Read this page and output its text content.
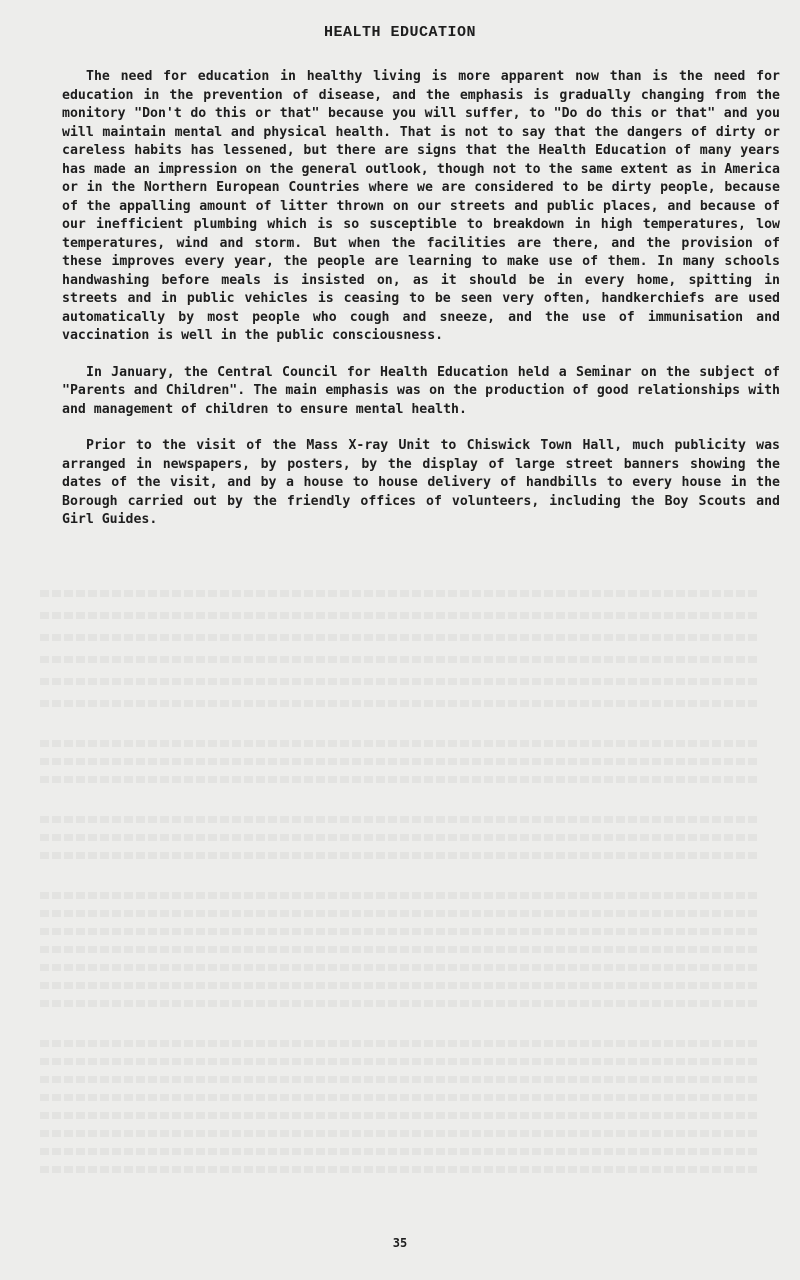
HEALTH EDUCATION

The need for education in healthy living is more apparent now than is the need for education in the prevention of disease, and the emphasis is gradually changing from the monitory "Don't do this or that" because you will suffer, to "Do do this or that" and you will maintain mental and physical health. That is not to say that the dangers of dirty or careless habits has lessened, but there are signs that the Health Education of many years has made an impression on the general outlook, though not to the same extent as in America or in the Northern European Countries where we are considered to be dirty people, because of the appalling amount of litter thrown on our streets and public places, and because of our inefficient plumbing which is so susceptible to breakdown in high temperatures, low temperatures, wind and storm. But when the facilities are there, and the provision of these improves every year, the people are learning to make use of them. In many schools handwashing before meals is insisted on, as it should be in every home, spitting in streets and in public vehicles is ceasing to be seen very often, handkerchiefs are used automatically by most people who cough and sneeze, and the use of immunisation and vaccination is well in the public consciousness.

In January, the Central Council for Health Education held a Seminar on the subject of "Parents and Children". The main emphasis was on the production of good relationships with and management of children to ensure mental health.

Prior to the visit of the Mass X-ray Unit to Chiswick Town Hall, much publicity was arranged in newspapers, by posters, by the display of large street banners showing the dates of the visit, and by a house to house delivery of handbills to every house in the Borough carried out by the friendly offices of volunteers, including the Boy Scouts and Girl Guides.

35
